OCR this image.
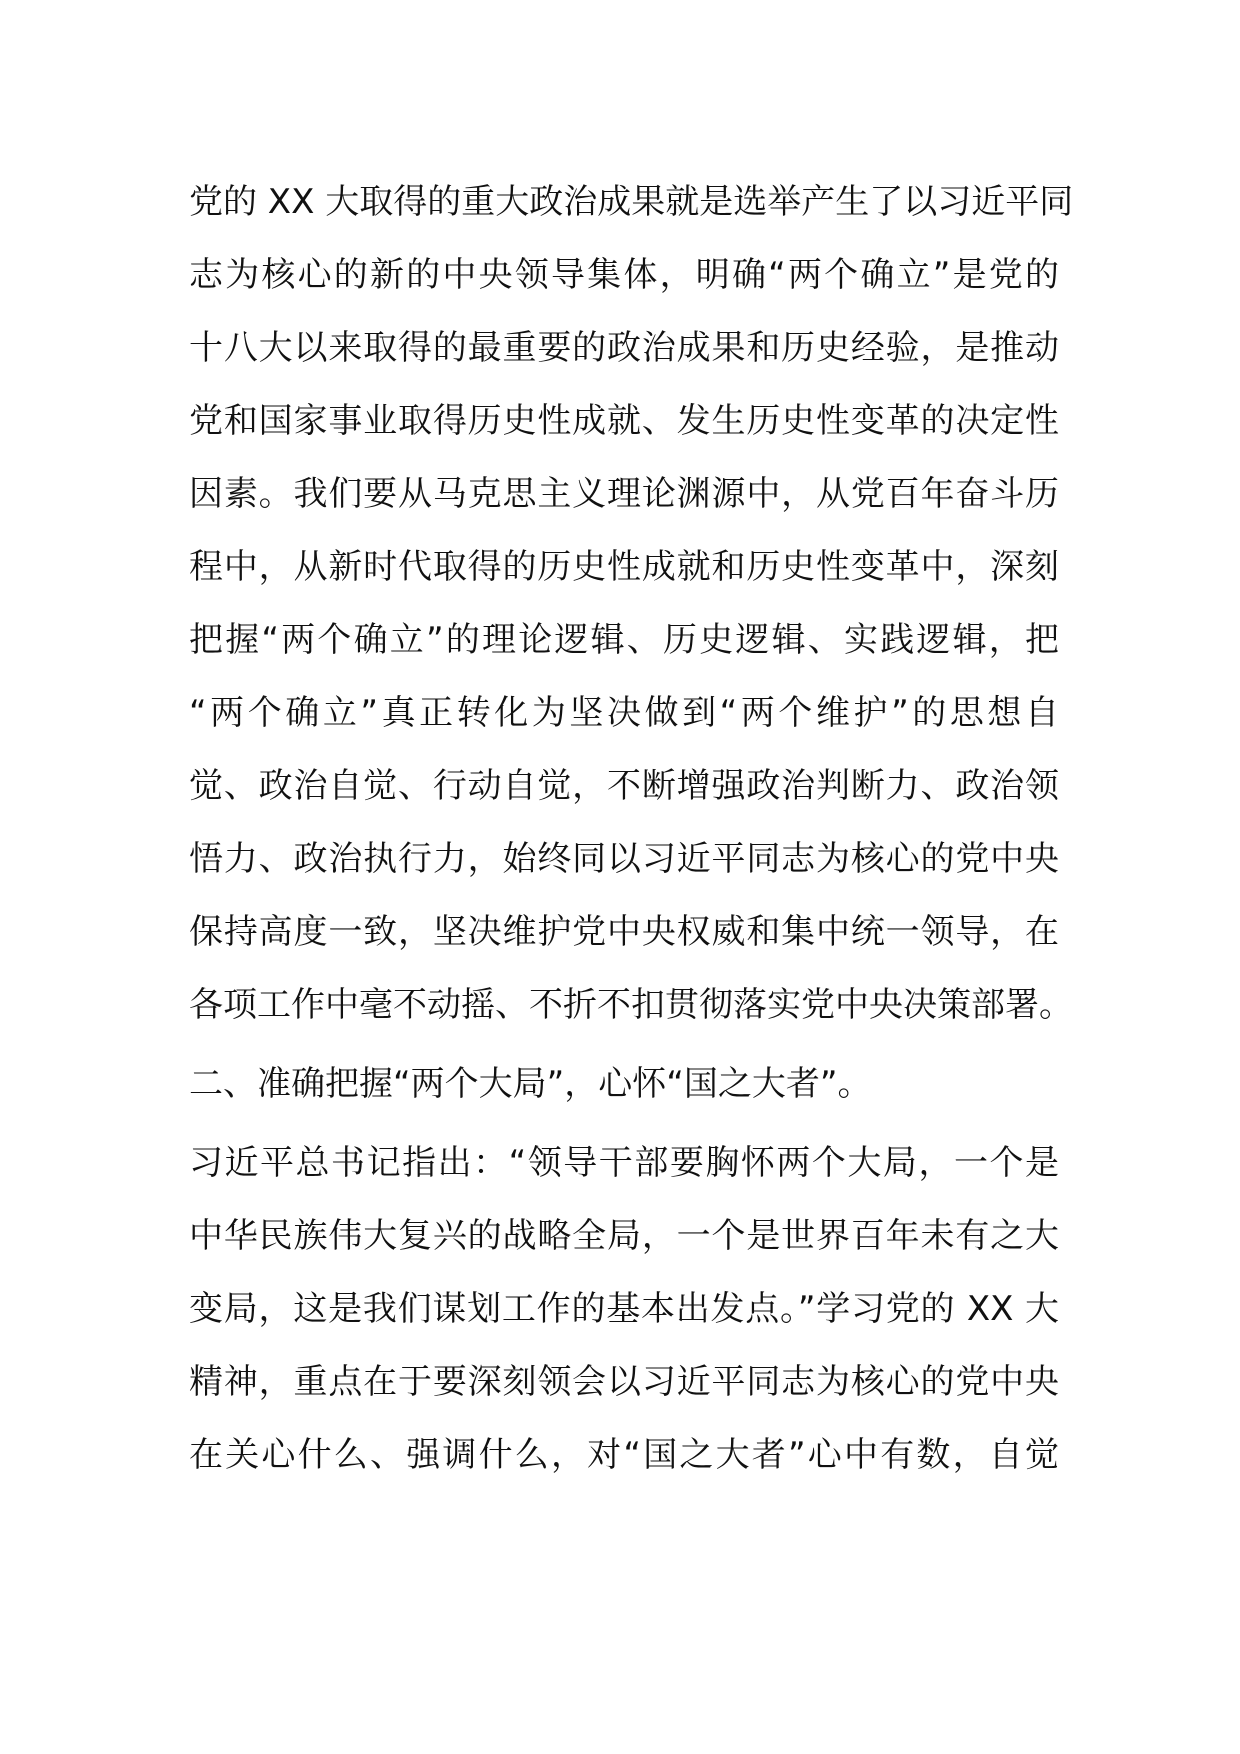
党的 XX 大取得的重大政治成果就是选举产生了以习近平同

志为核心的新的中央领导集体，明确“两个确立”是党的

十八大以来取得的最重要的政治成果和历史经验，是推动

党和国家事业取得历史性成就、发生历史性变革的决定性

因素。我们要从马克思主义理论渊源中，从党百年奋斗历

程中，从新时代取得的历史性成就和历史性变革中，深刻

把握“两个确立”的理论逻辑、历史逻辑、实践逻辑，把

“两个确立”真正转化为坚决做到“两个维护”的思想自

觉、政治自觉、行动自觉，不断增强政治判断力、政治领

悟力、政治执行力，始终同以习近平同志为核心的党中央

保持高度一致，坚决维护党中央权威和集中统一领导，在

各项工作中毫不动摇、不折不扣贯彻落实党中央决策部署。

二、准确把握“两个大局”，心怀“国之大者”。

习近平总书记指出：“领导干部要胸怀两个大局，一个是

中华民族伟大复兴的战略全局，一个是世界百年未有之大

变局，这是我们谋划工作的基本出发点。”学习党的 XX 大

精神，重点在于要深刻领会以习近平同志为核心的党中央

在关心什么、强调什么，对“国之大者”心中有数，自觉
